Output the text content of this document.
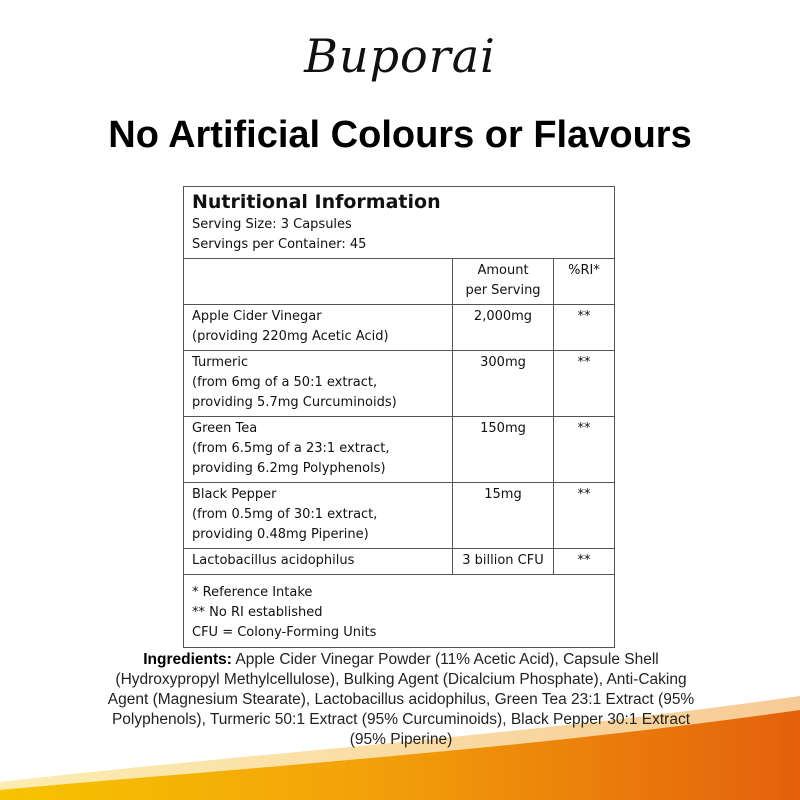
Buporai
No Artificial Colours or Flavours
Nutritional Information
Serving Size: 3 Capsules
Servings per Container: 45		

	Amount
per Serving	%RI*

Apple Cider Vinegar
(providing 220mg Acetic Acid)	2,000mg	**

Turmeric
(from 6mg of a 50:1 extract,
providing 5.7mg Curcuminoids)	300mg	**

Green Tea
(from 6.5mg of a 23:1 extract,
providing 6.2mg Polyphenols)	150mg	**

Black Pepper
(from 0.5mg of 30:1 extract,
providing 0.48mg Piperine)	15mg	**

Lactobacillus acidophilus	3 billion CFU	**

* Reference Intake
** No RI established
CFU = Colony-Forming Units		
Ingredients: Apple Cider Vinegar Powder (11% Acetic Acid), Capsule Shell (Hydroxypropyl Methylcellulose), Bulking Agent (Dicalcium Phosphate), Anti-Caking Agent (Magnesium Stearate), Lactobacillus acidophilus, Green Tea 23:1 Extract (95% Polyphenols), Turmeric 50:1 Extract (95% Curcuminoids), Black Pepper 30:1 Extract (95% Piperine)
